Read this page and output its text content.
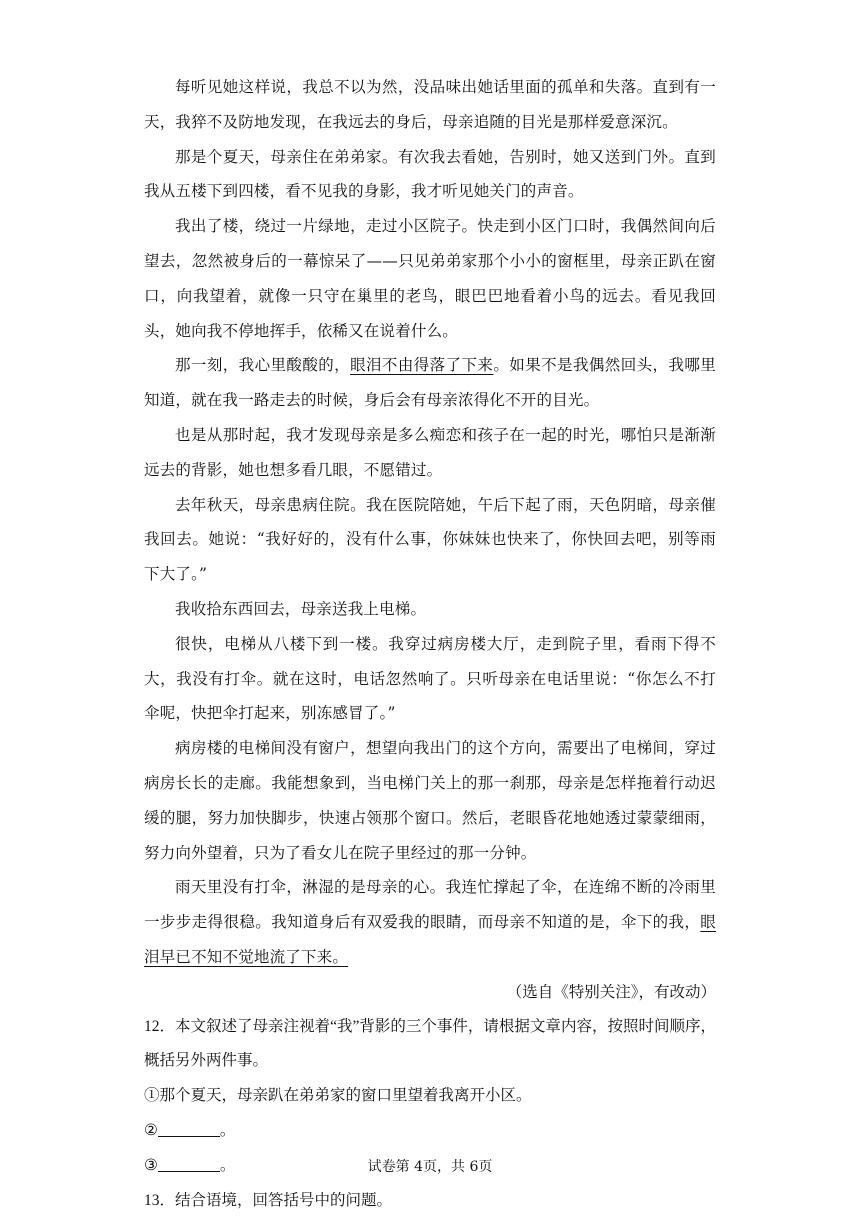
每听见她这样说，我总不以为然，没品味出她话里面的孤单和失落。直到有一天，我猝不及防地发现，在我远去的身后，母亲追随的目光是那样爱意深沉。

那是个夏天，母亲住在弟弟家。有次我去看她，告别时，她又送到门外。直到我从五楼下到四楼，看不见我的身影，我才听见她关门的声音。

我出了楼，绕过一片绿地，走过小区院子。快走到小区门口时，我偶然间向后望去，忽然被身后的一幕惊呆了——只见弟弟家那个小小的窗框里，母亲正趴在窗口，向我望着，就像一只守在巢里的老鸟，眼巴巴地看着小鸟的远去。看见我回头，她向我不停地挥手，依稀又在说着什么。

那一刻，我心里酸酸的，眼泪不由得落了下来。如果不是我偶然回头，我哪里知道，就在我一路走去的时候，身后会有母亲浓得化不开的目光。

也是从那时起，我才发现母亲是多么痴恋和孩子在一起的时光，哪怕只是渐渐远去的背影，她也想多看几眼，不愿错过。

去年秋天，母亲患病住院。我在医院陪她，午后下起了雨，天色阴暗，母亲催我回去。她说：“我好好的，没有什么事，你妹妹也快来了，你快回去吧，别等雨下大了。”

我收拾东西回去，母亲送我上电梯。

很快，电梯从八楼下到一楼。我穿过病房楼大厅，走到院子里，看雨下得不大，我没有打伞。就在这时，电话忽然响了。只听母亲在电话里说：“你怎么不打伞呢，快把伞打起来，别冻感冒了。”

病房楼的电梯间没有窗户，想望向我出门的这个方向，需要出了电梯间，穿过病房长长的走廊。我能想象到，当电梯门关上的那一刹那，母亲是怎样拖着行动迟缓的腿，努力加快脚步，快速占领那个窗口。然后，老眼昏花地她透过蒙蒙细雨，努力向外望着，只为了看女儿在院子里经过的那一分钟。

雨天里没有打伞，淋湿的是母亲的心。我连忙撑起了伞，在连绵不断的冷雨里一步步走得很稳。我知道身后有双爱我的眼睛，而母亲不知道的是，伞下的我，眼泪早已不知不觉地流了下来。

（选自《特别关注》，有改动）

12．本文叙述了母亲注视着“我”背影的三个事件，请根据文章内容，按照时间顺序，概括另外两件事。

①那个夏天，母亲趴在弟弟家的窗口里望着我离开小区。

②	。

③	。

13．结合语境，回答括号中的问题。

试卷第 4页，共 6页
